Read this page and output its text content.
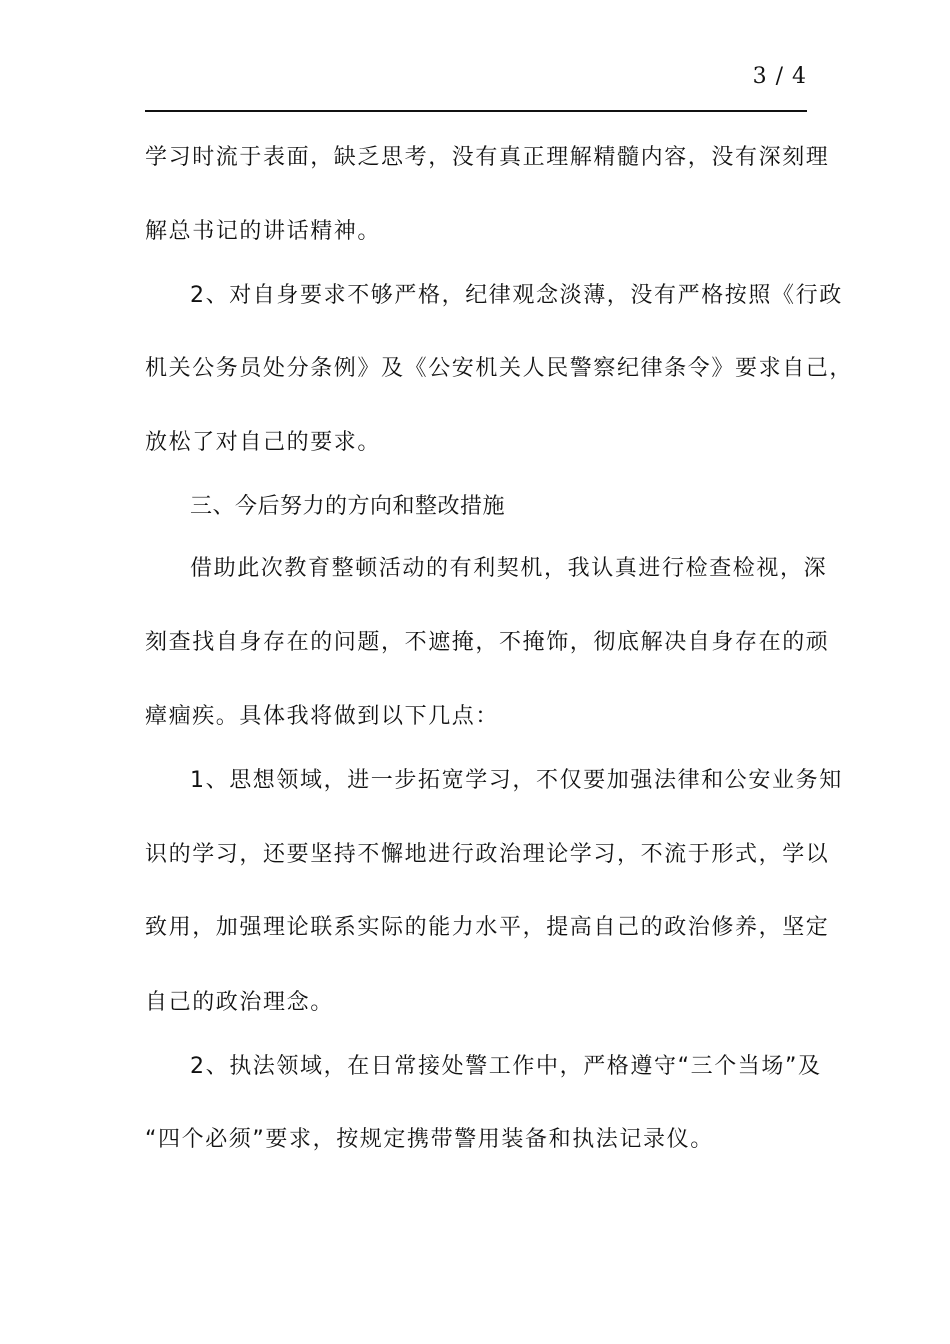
3 / 4
学习时流于表面，缺乏思考，没有真正理解精髓内容，没有深刻理
解总书记的讲话精神。
2、对自身要求不够严格，纪律观念淡薄，没有严格按照《行政
机关公务员处分条例》及《公安机关人民警察纪律条令》要求自己，
放松了对自己的要求。
三、今后努力的方向和整改措施
借助此次教育整顿活动的有利契机，我认真进行检查检视，深
刻查找自身存在的问题，不遮掩，不掩饰，彻底解决自身存在的顽
瘴痼疾。具体我将做到以下几点：
1、思想领域，进一步拓宽学习，不仅要加强法律和公安业务知
识的学习，还要坚持不懈地进行政治理论学习，不流于形式，学以
致用，加强理论联系实际的能力水平，提高自己的政治修养，坚定
自己的政治理念。
2、执法领域，在日常接处警工作中，严格遵守“三个当场”及
“四个必须”要求，按规定携带警用装备和执法记录仪。
